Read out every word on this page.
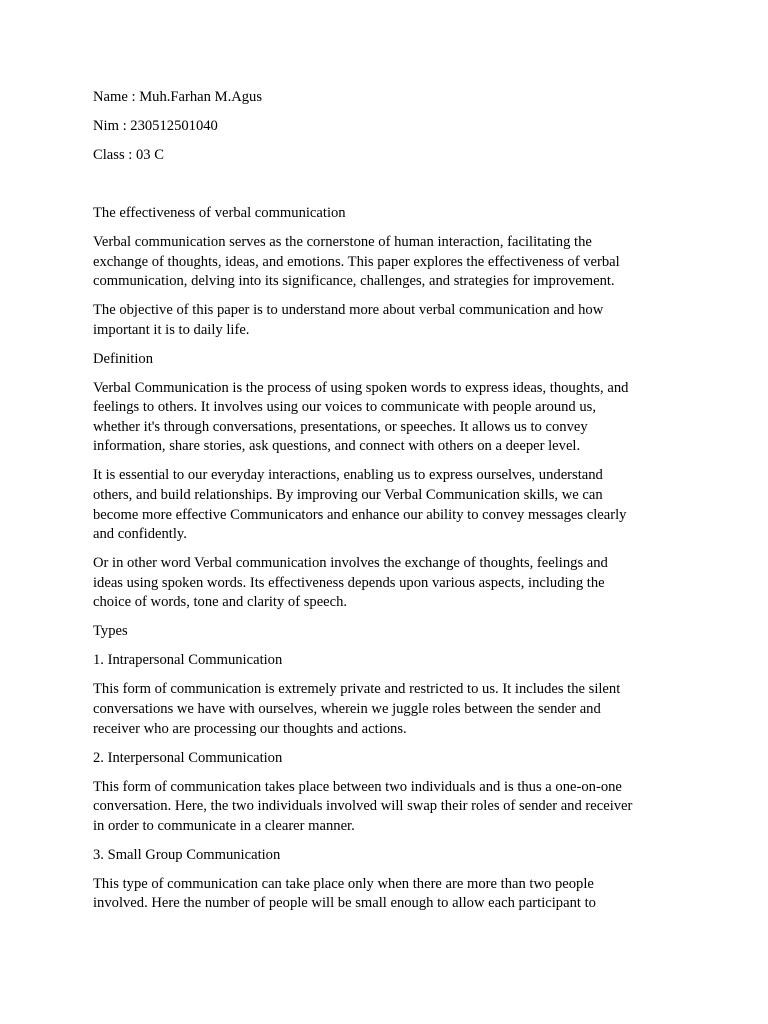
Name : Muh.Farhan M.Agus
Nim : 230512501040
Class : 03 C
The effectiveness of verbal communication
Verbal communication serves as the cornerstone of human interaction, facilitating the
exchange of thoughts, ideas, and emotions. This paper explores the effectiveness of verbal
communication, delving into its significance, challenges, and strategies for improvement.
The objective of this paper is to understand more about verbal communication and how
important it is to daily life.
Definition
Verbal Communication is the process of using spoken words to express ideas, thoughts, and
feelings to others. It involves using our voices to communicate with people around us,
whether it's through conversations, presentations, or speeches. It allows us to convey
information, share stories, ask questions, and connect with others on a deeper level.
It is essential to our everyday interactions, enabling us to express ourselves, understand
others, and build relationships. By improving our Verbal Communication skills, we can
become more effective Communicators and enhance our ability to convey messages clearly
and confidently.
Or in other word Verbal communication involves the exchange of thoughts, feelings and
ideas using spoken words. Its effectiveness depends upon various aspects, including the
choice of words, tone and clarity of speech.
Types
1. Intrapersonal Communication
This form of communication is extremely private and restricted to us. It includes the silent
conversations we have with ourselves, wherein we juggle roles between the sender and
receiver who are processing our thoughts and actions.
2. Interpersonal Communication
This form of communication takes place between two individuals and is thus a one-on-one
conversation. Here, the two individuals involved will swap their roles of sender and receiver
in order to communicate in a clearer manner.
3. Small Group Communication
This type of communication can take place only when there are more than two people
involved. Here the number of people will be small enough to allow each participant to
